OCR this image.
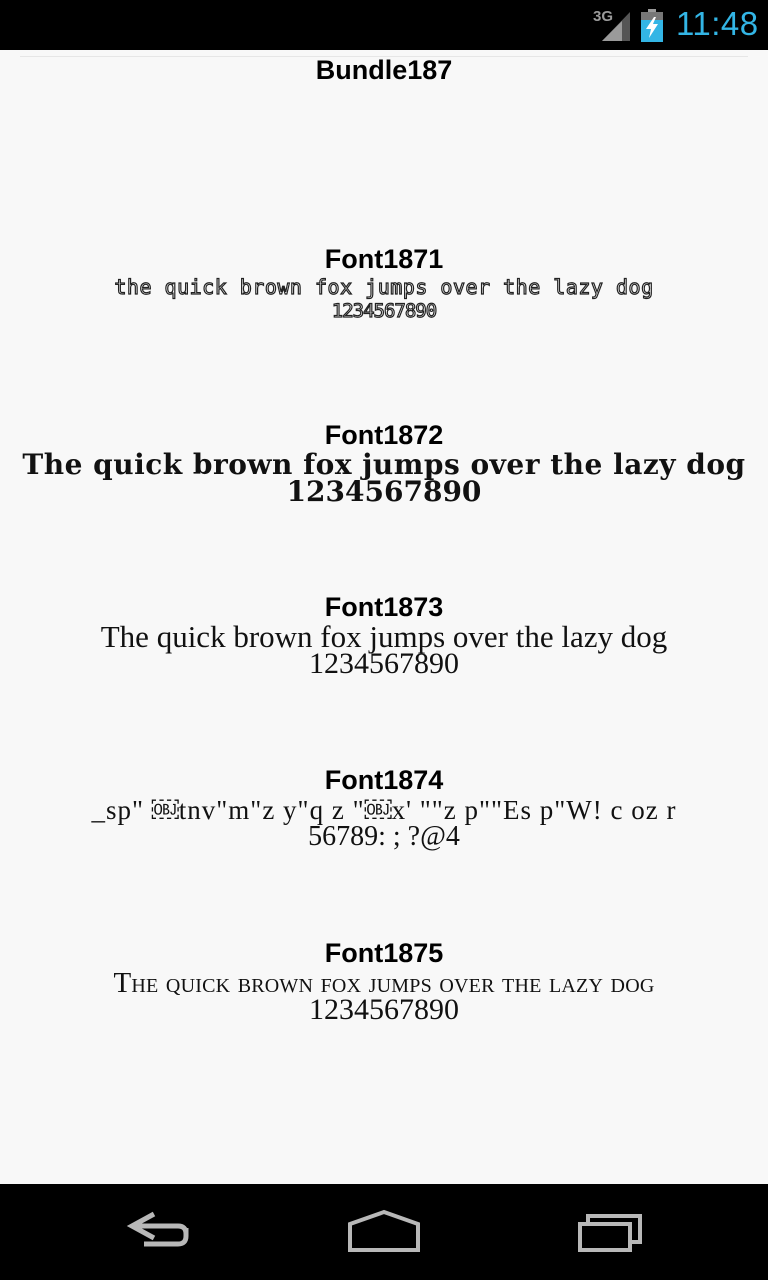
3G 11:48
Bundle187
Font1871
the quick brown fox jumps over the lazy dog
1234567890
Font1872
The quick brown fox jumps over the lazy dog
1234567890
Font1873
The quick brown fox jumps over the lazy dog
1234567890
Font1874
_sp" ￼tnv"m"z y"q z "￼x' ""z p""Es p"W! c oz r
56789: ; ?@4
Font1875
The quick brown fox jumps over the lazy dog
1234567890
